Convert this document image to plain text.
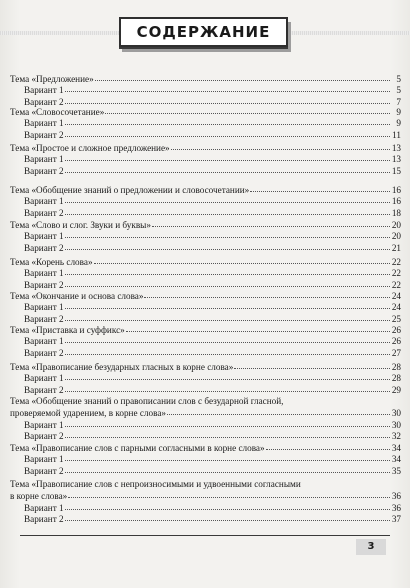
СОДЕРЖАНИЕ
Тема «Предложение»	5
Вариант 1	5
Вариант 2	7
Тема «Словосочетание»	9
Вариант 1	9
Вариант 2	11
Тема «Простое и сложное предложение»	13
Вариант 1	13
Вариант 2	15
Тема «Обобщение знаний о предложении и словосочетании»	16
Вариант 1	16
Вариант 2	18
Тема «Слово и слог. Звуки и буквы»	20
Вариант 1	20
Вариант 2	21
Тема «Корень слова»	22
Вариант 1	22
Вариант 2	22
Тема «Окончание и основа слова»	24
Вариант 1	24
Вариант 2	25
Тема «Приставка и суффикс»	26
Вариант 1	26
Вариант 2	27
Тема «Правописание безударных гласных в корне слова»	28
Вариант 1	28
Вариант 2	29
Тема «Обобщение знаний о правописании слов с безударной гласной,
проверяемой ударением, в корне слова»	30
Вариант 1	30
Вариант 2	32
Тема «Правописание слов с парными согласными в корне слова»	34
Вариант 1	34
Вариант 2	35
Тема «Правописание слов с непроизносимыми и удвоенными согласными
в корне слова»	36
Вариант 1	36
Вариант 2	37
3
